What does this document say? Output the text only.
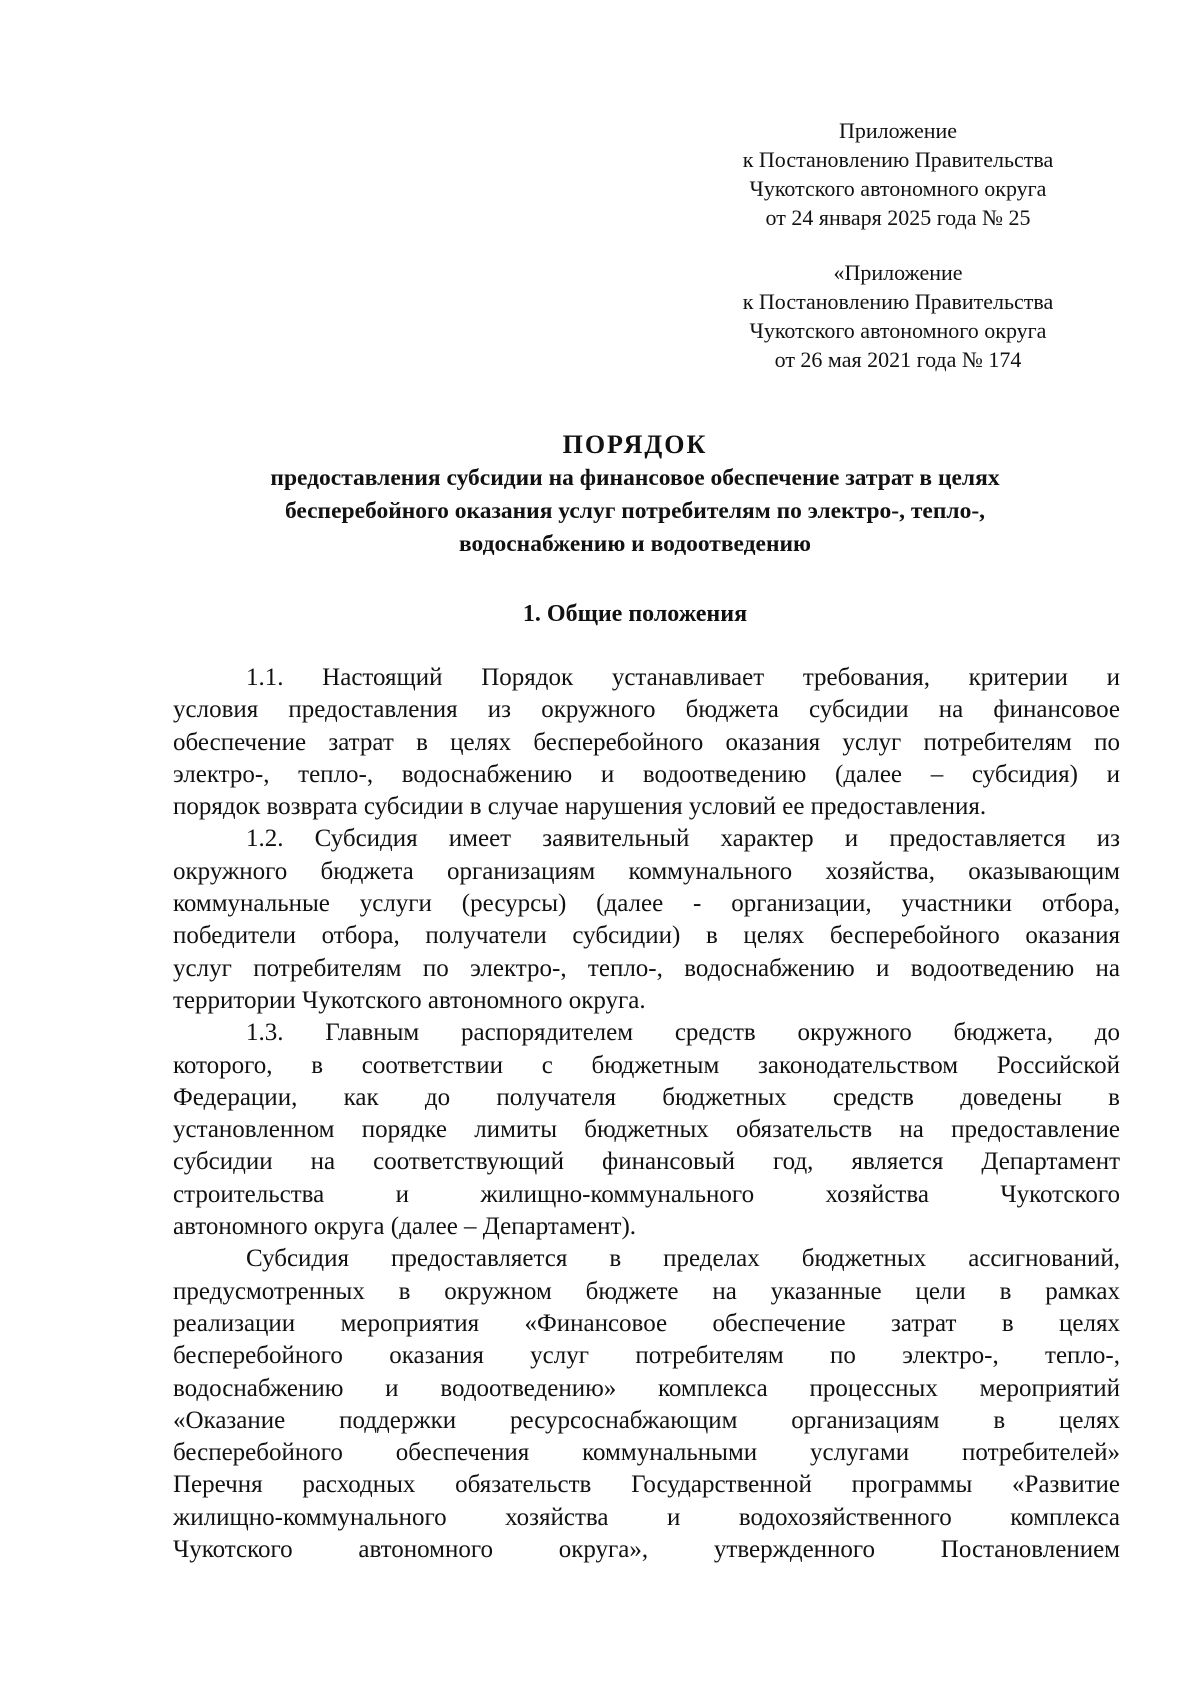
Приложение
к Постановлению Правительства
Чукотского автономного округа
от 24 января 2025 года № 25
«Приложение
к Постановлению Правительства
Чукотского автономного округа
от 26 мая 2021 года № 174
ПОРЯДОК
предоставления субсидии на финансовое обеспечение затрат в целях
бесперебойного оказания услуг потребителям по электро-, тепло-,
водоснабжению и водоотведению
1. Общие положения
1.1. Настоящий Порядок устанавливает требования, критерии и
условия предоставления из окружного бюджета субсидии на финансовое
обеспечение затрат в целях бесперебойного оказания услуг потребителям по
электро-, тепло-, водоснабжению и водоотведению (далее – субсидия) и
порядок возврата субсидии в случае нарушения условий ее предоставления.
1.2. Субсидия имеет заявительный характер и предоставляется из
окружного бюджета организациям коммунального хозяйства, оказывающим
коммунальные услуги (ресурсы) (далее - организации, участники отбора,
победители отбора, получатели субсидии) в целях бесперебойного оказания
услуг потребителям по электро-, тепло-, водоснабжению и водоотведению на
территории Чукотского автономного округа.
1.3. Главным распорядителем средств окружного бюджета, до
которого, в соответствии с бюджетным законодательством Российской
Федерации, как до получателя бюджетных средств доведены в
установленном порядке лимиты бюджетных обязательств на предоставление
субсидии на соответствующий финансовый год, является Департамент
строительства и жилищно-коммунального хозяйства Чукотского
автономного округа (далее – Департамент).
Субсидия предоставляется в пределах бюджетных ассигнований,
предусмотренных в окружном бюджете на указанные цели в рамках
реализации мероприятия «Финансовое обеспечение затрат в целях
бесперебойного оказания услуг потребителям по электро-, тепло-,
водоснабжению и водоотведению» комплекса процессных мероприятий
«Оказание поддержки ресурсоснабжающим организациям в целях
бесперебойного обеспечения коммунальными услугами потребителей»
Перечня расходных обязательств Государственной программы «Развитие
жилищно-коммунального хозяйства и водохозяйственного комплекса
Чукотского автономного округа», утвержденного Постановлением
